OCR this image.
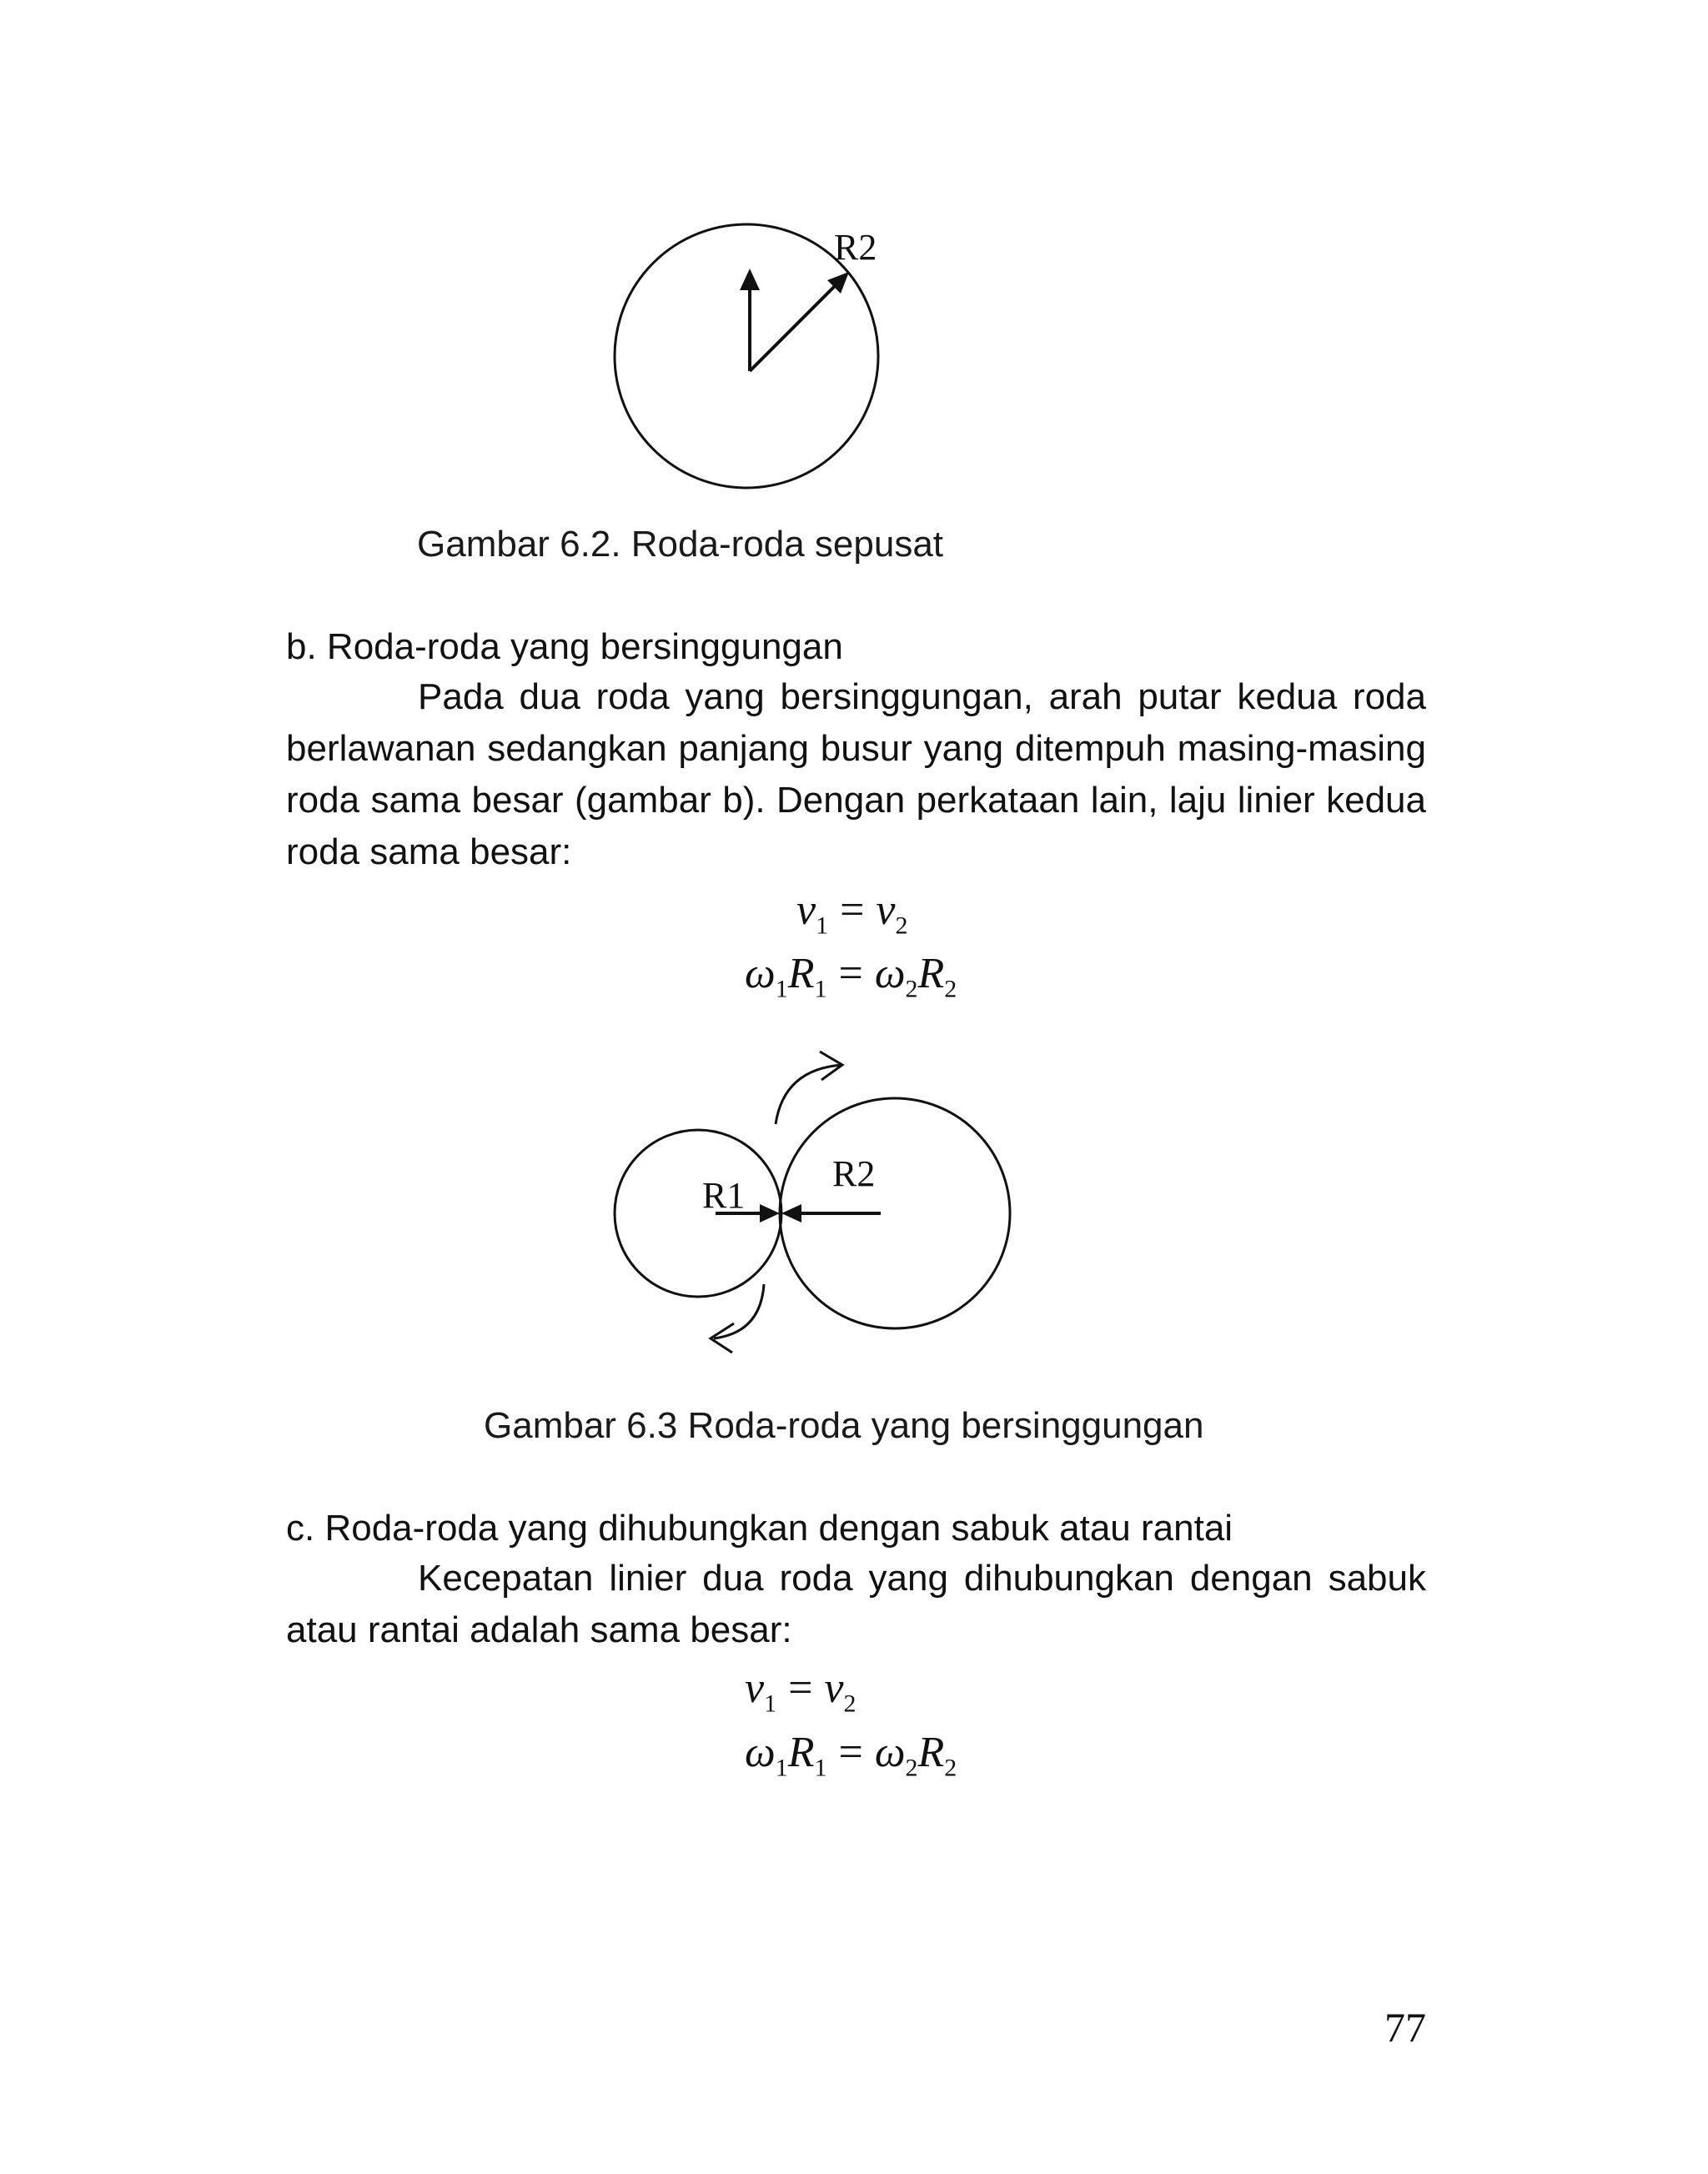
R2
Gambar 6.2. Roda-roda sepusat
b. Roda-roda yang bersinggungan
Pada dua roda yang bersinggungan, arah putar kedua roda berlawanan sedangkan panjang busur yang ditempuh masing-masing roda sama besar (gambar b). Dengan perkataan lain, laju linier kedua roda sama besar:
$v_1 = v_2$
$\omega_1R_1 = \omega_2R_2$
R1
R2
Gambar 6.3 Roda-roda yang bersinggungan
c. Roda-roda yang dihubungkan dengan sabuk atau rantai
Kecepatan linier dua roda yang dihubungkan dengan sabuk atau rantai adalah sama besar:
$v_1 = v_2$
$\omega_1R_1 = \omega_2R_2$
77
